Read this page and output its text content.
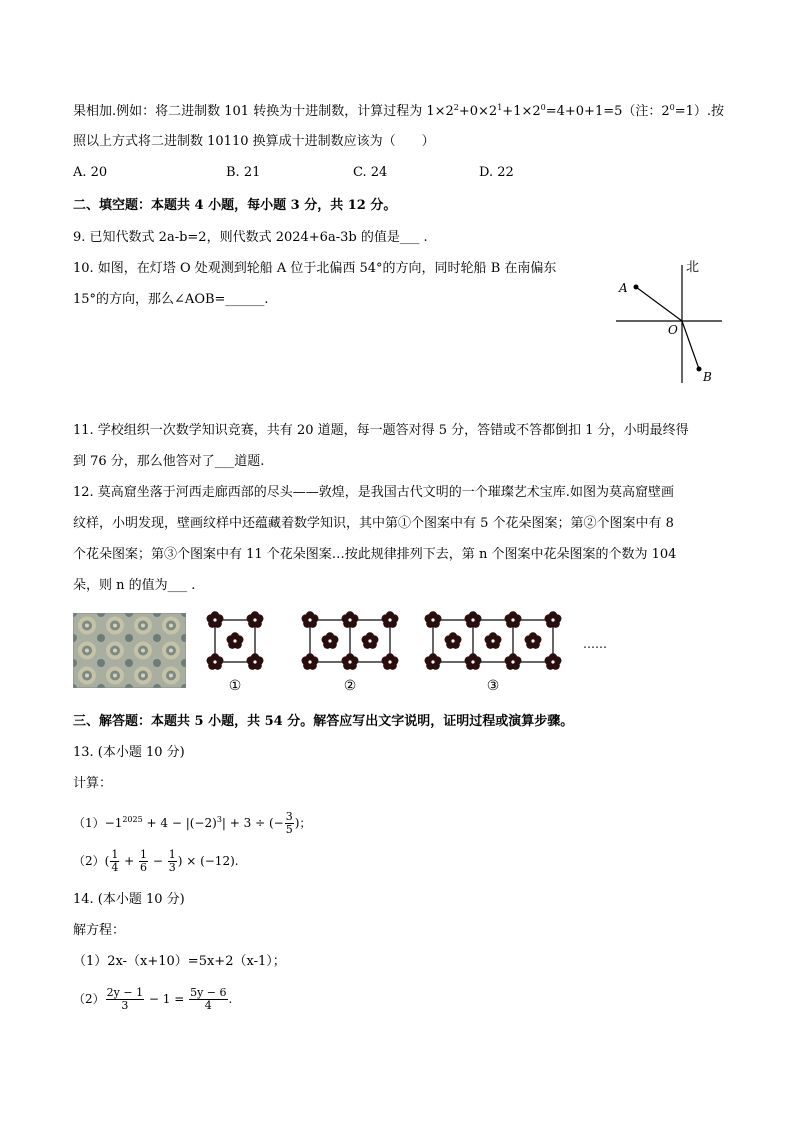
果相加.例如：将二进制数 101 转换为十进制数，计算过程为 $1\times 2^2+0\times 2^1+1\times 2^0=4+0+1=5$（注：$2^0=1$）.按
照以上方式将二进制数 10110 换算成十进制数应该为（　　）
A. 20	B. 21	C. 24	D. 22
二、填空题：本题共 4 小题，每小题 3 分，共 12 分。
9. 已知代数式 2a-b=2，则代数式 2024+6a-3b 的值是___ .
10. 如图，在灯塔 O 处观测到轮船 A 位于北偏西 54°的方向，同时轮船 B 在南偏东
15°的方向，那么∠AOB=______.
北
A
O
B
11. 学校组织一次数学知识竞赛，共有 20 道题，每一题答对得 5 分，答错或不答都倒扣 1 分，小明最终得
到 76 分，那么他答对了___道题.
12. 莫高窟坐落于河西走廊西部的尽头——敦煌，是我国古代文明的一个璀璨艺术宝库.如图为莫高窟壁画
纹样，小明发现，壁画纹样中还蕴藏着数学知识，其中第①个图案中有 5 个花朵图案；第②个图案中有 8
个花朵图案；第③个图案中有 11 个花朵图案…按此规律排列下去，第 n 个图案中花朵图案的个数为 104
朵，则 n 的值为___ .
①	②	③
……
三、解答题：本题共 5 小题，共 54 分。解答应写出文字说明，证明过程或演算步骤。
13. (本小题 10 分)
计算：
$(1)-1^{2025} + 4 - |(-2)^3| + 3$ ÷ (− $\frac{3}{5}$ )；
$(2)( \frac{1}{4} + \frac{1}{6} - \frac{1}{3}$ ) × (−12).
14. (本小题 10 分)
解方程：
（1）2x-（x+10）=5x+2（x-1）；
$(2) \frac{2y - 1}{3} - 1 = \frac{5y - 6}{4}$ .
